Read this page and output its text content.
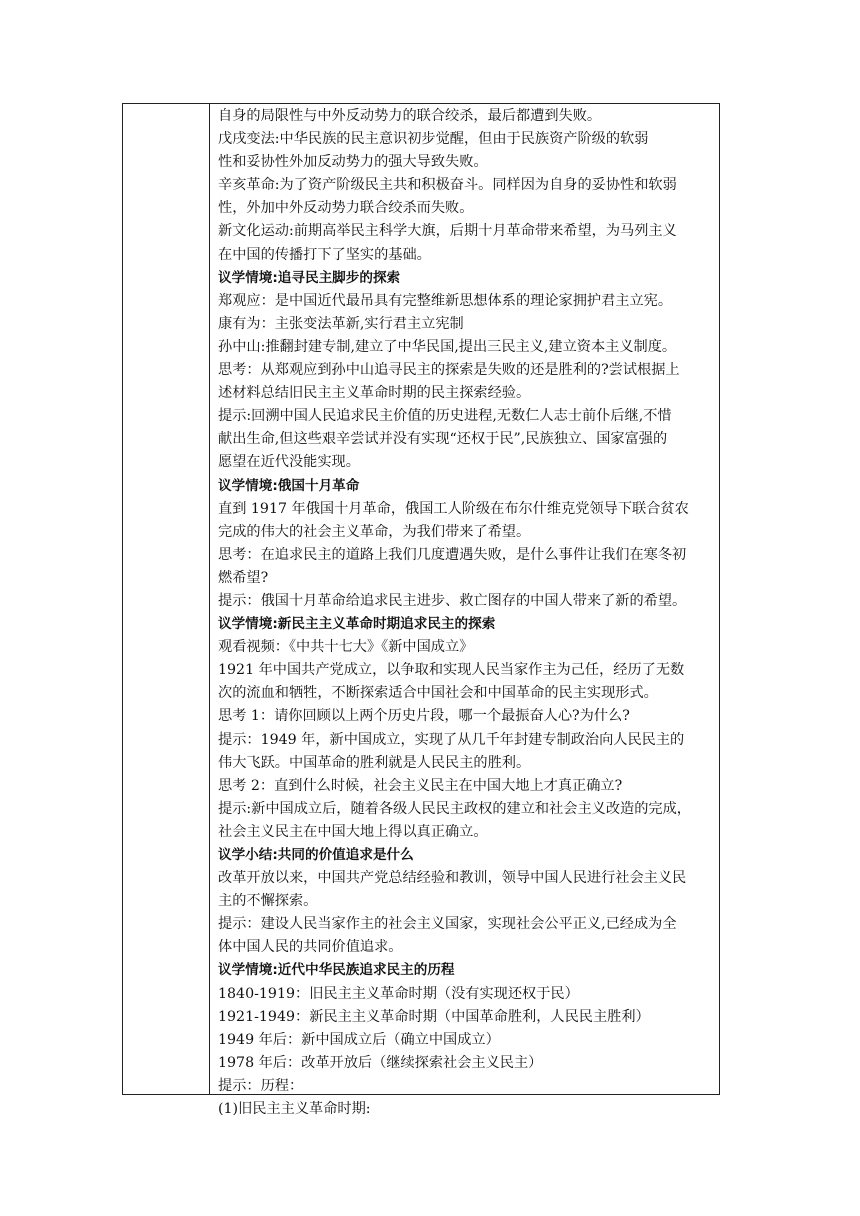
自身的局限性与中外反动势力的联合绞杀，最后都遭到失败。
戊戌变法:中华民族的民主意识初步觉醒，但由于民族资产阶级的软弱
性和妥协性外加反动势力的强大导致失败。
辛亥革命:为了资产阶级民主共和积极奋斗。同样因为自身的妥协性和软弱
性，外加中外反动势力联合绞杀而失败。
新文化运动:前期高举民主科学大旗，后期十月革命带来希望，为马列主义
在中国的传播打下了坚实的基础。
议学情境:追寻民主脚步的探索
郑观应：是中国近代最吊具有完整维新思想体系的理论家拥护君主立宪。
康有为：主张变法革新,实行君主立宪制
孙中山:推翻封建专制,建立了中华民国,提出三民主义,建立资本主义制度。
思考：从郑观应到孙中山追寻民主的探索是失败的还是胜利的?尝试根据上
述材料总结旧民主主义革命时期的民主探索经验。
提示:回溯中国人民追求民主价值的历史进程,无数仁人志士前仆后继,不惜
献出生命,但这些艰辛尝试并没有实现“还权于民”,民族独立、国家富强的
愿望在近代没能实现。
议学情境:俄国十月革命
直到 1917 年俄国十月革命，俄国工人阶级在布尔什维克党领导下联合贫农
完成的伟大的社会主义革命，为我们带来了希望。
思考：在追求民主的道路上我们几度遭遇失败，是什么事件让我们在寒冬初
燃希望?
提示：俄国十月革命给追求民主进步、救亡图存的中国人带来了新的希望。
议学情境:新民主主义革命时期追求民主的探索
观看视频：《中共十七大》《新中国成立》
1921 年中国共产党成立，以争取和实现人民当家作主为己任，经历了无数
次的流血和牺牲，不断探索适合中国社会和中国革命的民主实现形式。
思考 1：请你回顾以上两个历史片段，哪一个最振奋人心?为什么?
提示：1949 年，新中国成立，实现了从几千年封建专制政治向人民民主的
伟大飞跃。中国革命的胜利就是人民民主的胜利。
思考 2：直到什么时候，社会主义民主在中国大地上才真正确立?
提示:新中国成立后，随着各级人民民主政权的建立和社会主义改造的完成，
社会主义民主在中国大地上得以真正确立。
议学小结:共同的价值追求是什么
改革开放以来，中国共产党总结经验和教训，领导中国人民进行社会主义民
主的不懈探索。
提示：建设人民当家作主的社会主义国家，实现社会公平正义,已经成为全
体中国人民的共同价值追求。
议学情境:近代中华民族追求民主的历程
1840-1919：旧民主主义革命时期（没有实现还权于民）
1921-1949：新民主主义革命时期（中国革命胜利，人民民主胜利）
1949 年后：新中国成立后（确立中国成立）
1978 年后：改革开放后（继续探索社会主义民主）
提示：历程：
(1)旧民主主义革命时期:
